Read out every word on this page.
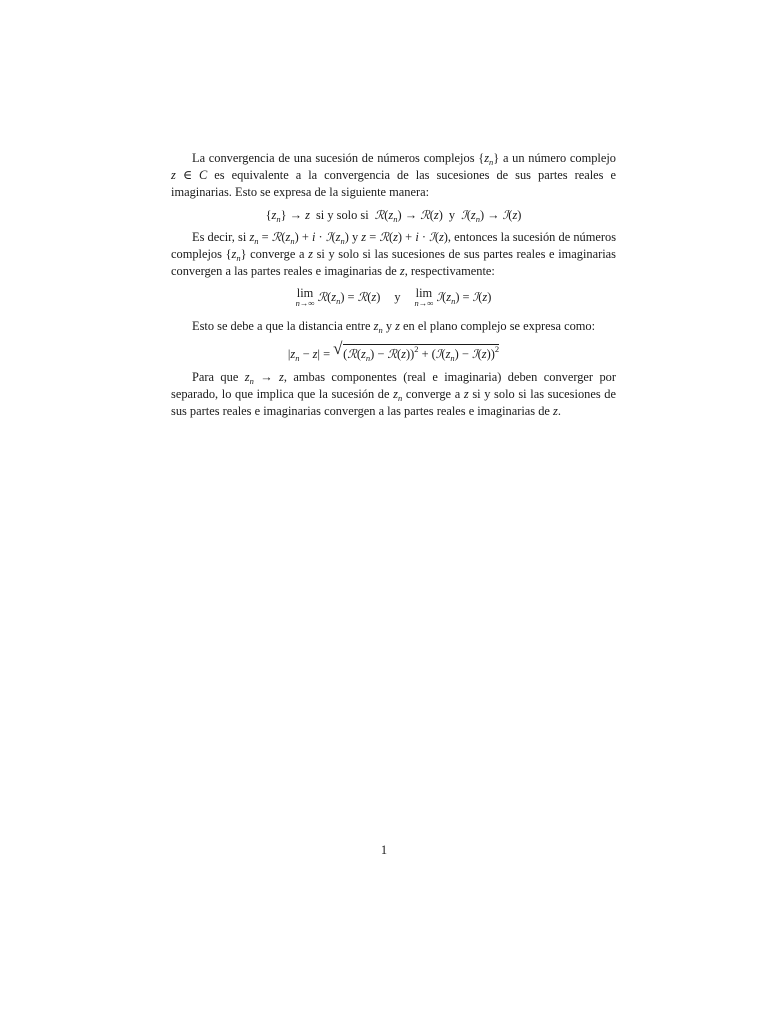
La convergencia de una sucesión de números complejos $\{z_n\}$ a un número complejo z ∈ C es equivalente a la convergencia de las sucesiones de sus partes reales e imaginarias. Esto se expresa de la siguiente manera:

$\{z_n\} \to z$ si y solo si $ℛ(z_n)$ → ℛ(z) y $ℐ(z_n)$ → ℐ(z)

Es decir, si $z_n$ = $ℛ(z_n) + i$ · $ℐ(z_n)$ y z = ℛ(z) + i · ℐ(z), entonces la sucesión de números complejos $\{z_n\}$ converge a z si y solo si las sucesiones de sus partes reales e imaginarias convergen a las partes reales e imaginarias de z, respectivamente:

lim
n→∞ $ℛ(z_n)$ = ℛ(z) y lim
n→∞ $ℐ(z_n)$ = ℐ(z)

Esto se debe a que la distancia entre $z_n$ y z en el plano complejo se expresa como:

$|z_n - z|$ = √ ($ℛ(z_n)$ − ℛ(z))$^2$ + ($ℐ(z_n)$ − ℐ(z))$^2$

Para que $z_n \to z$, ambas componentes (real e imaginaria) deben converger por separado, lo que implica que la sucesión de $z_n$ converge a z si y solo si las sucesiones de sus partes reales e imaginarias convergen a las partes reales e imaginarias de z.

1
